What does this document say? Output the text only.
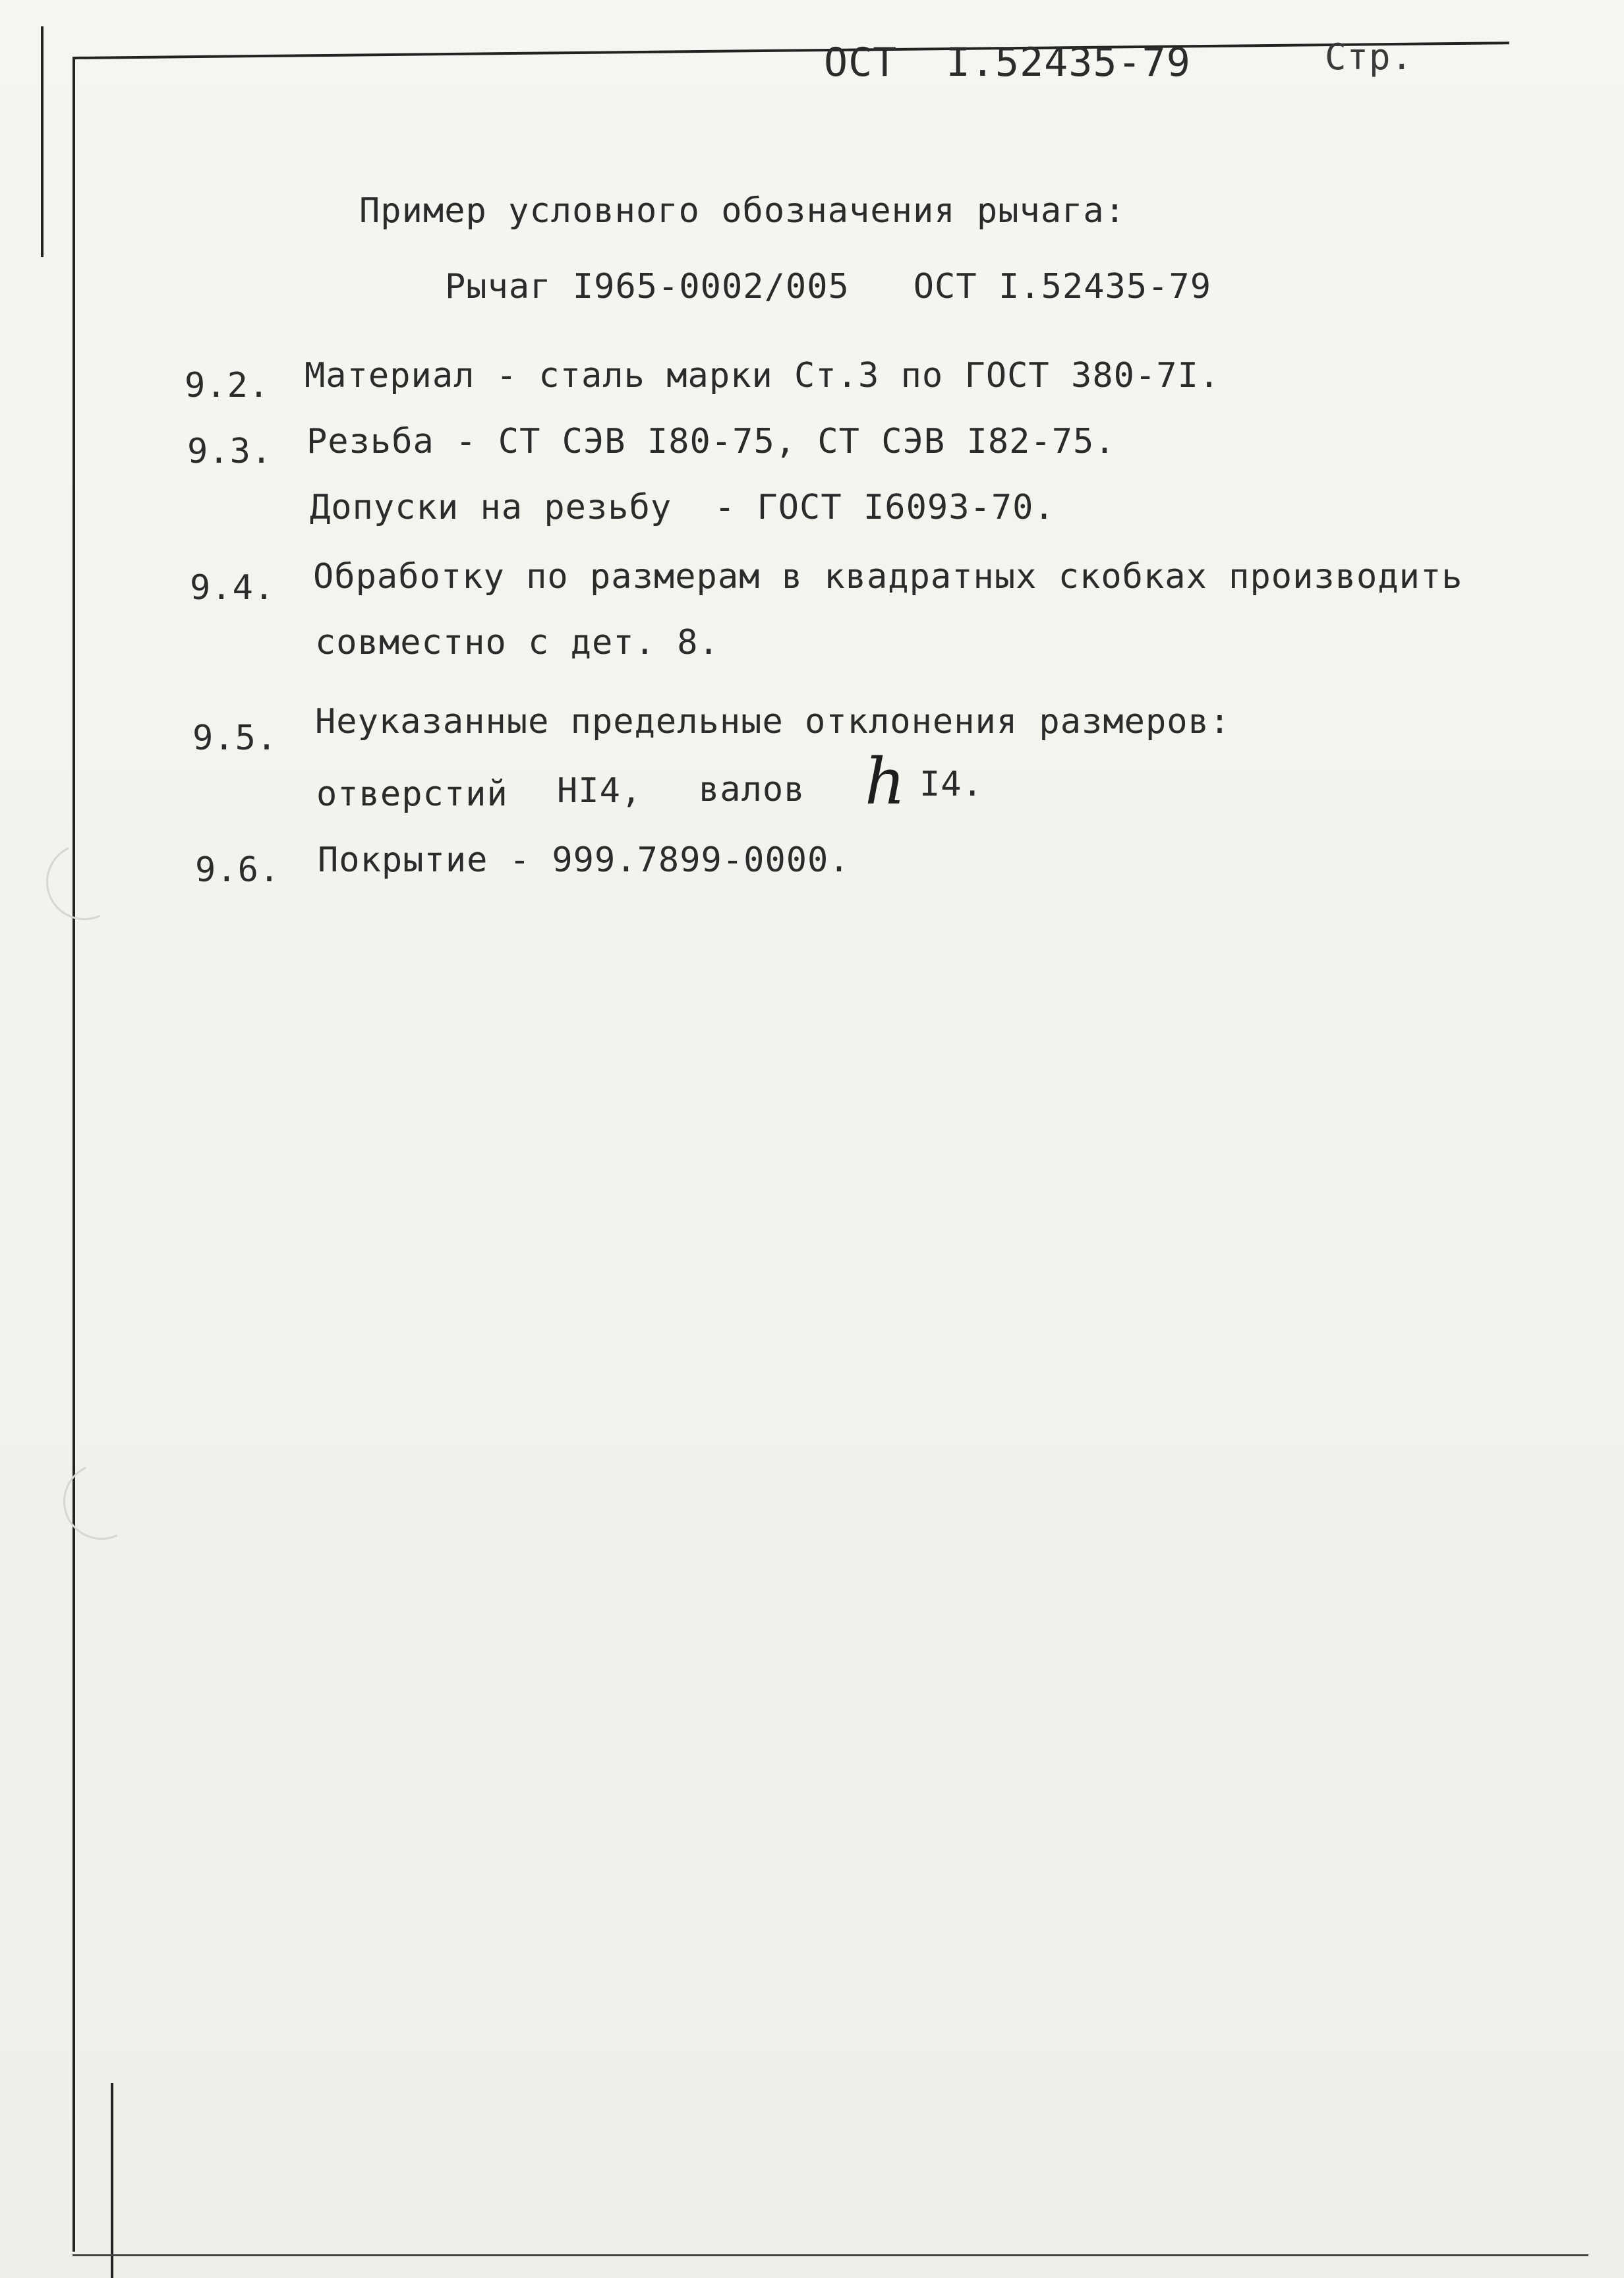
ОСТ  I.52435-79	Стр.
Пример условного обозначения рычага:
Рычаг I965-0002/005   ОСТ I.52435-79
9.2. Материал - сталь марки Ст.3 по ГОСТ 380-7I.
9.3. Резьба - СТ СЭВ I80-75, СТ СЭВ I82-75.
Допуски на резьбу  - ГОСТ I6093-70.
9.4. Обработку по размерам в квадратных скобках производить
совместно с дет. 8.
9.5. Неуказанные предельные отклонения размеров:
отверстий HI4, валов h I4.
9.6. Покрытие - 999.7899-0000.
